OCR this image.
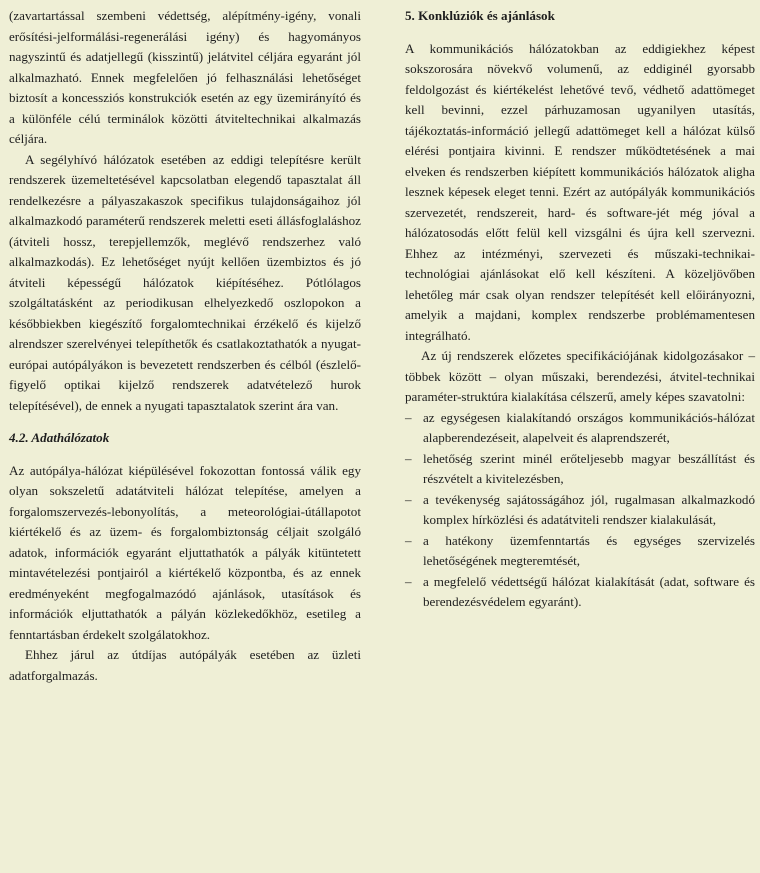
(zavartartással szembeni védettség, alépítmény-igény, vonali erősítési-jelformálási-regenerálási igény) és hagyományos nagyszintű és adatjellegű (kisszintű) jelátvitel céljára egyaránt jól alkalmazható. Ennek megfelelően jó felhasználási lehetőséget biztosít a koncessziós konstrukciók esetén az egy üzemirányító és a különféle célú terminálok közötti átviteltechnikai alkalmazás céljára.

A segélyhívó hálózatok esetében az eddigi telepítésre került rendszerek üzemeltetésével kapcsolatban elegendő tapasztalat áll rendelkezésre a pályaszakaszok specifikus tulajdonságaihoz jól alkalmazkodó paraméterű rendszerek meletti eseti állásfoglaláshoz (átviteli hossz, terepjellemzők, meglévő rendszerhez való alkalmazkodás). Ez lehetőséget nyújt kellően üzembiztos és jó átviteli képességű hálózatok kiépítéséhez. Pótlólagos szolgáltatásként az periodikusan elhelyezkedő oszlopokon a későbbiekben kiegészítő forgalomtechnikai érzékelő és kijelző alrendszer szerelvényei telepíthetők és csatlakoztathatók a nyugat-európai autópályákon is bevezetett rendszerben és célból (észlelő-figyelő optikai kijelző rendszerek adatvételező hurok telepítésével), de ennek a nyugati tapasztalatok szerint ára van.

4.2. Adathálózatok

Az autópálya-hálózat kiépülésével fokozottan fontossá válik egy olyan sokszeletű adatátviteli hálózat telepítése, amelyen a forgalomszervezés-lebonyolítás, a meteorológiai-útállapotot kiértékelő és az üzem- és forgalombiztonság céljait szolgáló adatok, információk egyaránt eljuttathatók a pályák kitüntetett mintavételezési pontjairól a kiértékelő központba, és az ennek eredményeként megfogalmazódó ajánlások, utasítások és információk eljuttathatók a pályán közlekedőkhöz, esetileg a fenntartásban érdekelt szolgálatokhoz.

Ehhez járul az útdíjas autópályák esetében az üzleti adatforgalmazás.

5. Konklúziók és ajánlások

A kommunikációs hálózatokban az eddigiekhez képest sokszorosára növekvő volumenű, az eddiginél gyorsabb feldolgozást és kiértékelést lehetővé tevő, védhető adattömeget kell bevinni, ezzel párhuzamosan ugyanilyen utasítás, tájékoztatás-információ jellegű adattömeget kell a hálózat külső elérési pontjaira kivinni. E rendszer működtetésének a mai elveken és rendszerben kiépített kommunikációs hálózatok aligha lesznek képesek eleget tenni. Ezért az autópályák kommunikációs szervezetét, rendszereit, hard- és software-jét még jóval a hálózatosodás előtt felül kell vizsgálni és újra kell szervezni. Ehhez az intézményi, szervezeti és műszaki-technikai-technológiai ajánlásokat elő kell készíteni. A közeljövőben lehetőleg már csak olyan rendszer telepítését kell előirányozni, amelyik a majdani, komplex rendszerbe problémamentesen integrálható.

Az új rendszerek előzetes specifikációjának kidolgozásakor – többek között – olyan műszaki, berendezési, átvitel-technikai paraméter-struktúra kialakítása célszerű, amely képes szavatolni:

– az egységesen kialakítandó országos kommunikációs-hálózat alapberendezéseit, alapelveit és alaprendszerét,
– lehetőség szerint minél erőteljesebb magyar beszállítást és részvételt a kivitelezésben,
– a tevékenység sajátosságához jól, rugalmasan alkalmazkodó komplex hírközlési és adatátviteli rendszer kialakulását,
– a hatékony üzemfenntartás és egységes szervizelés lehetőségének megteremtését,
– a megfelelő védettségű hálózat kialakítását (adat, software és berendezésvédelem egyaránt).
